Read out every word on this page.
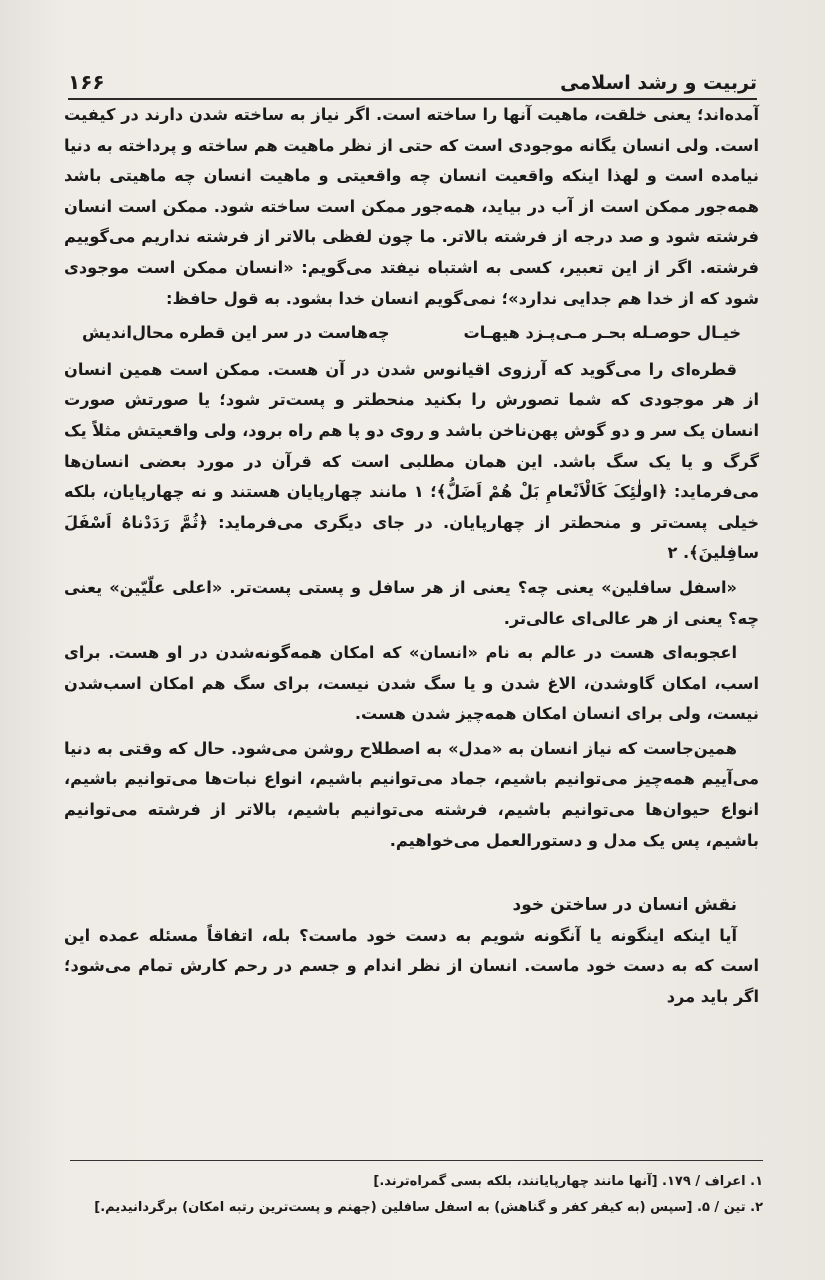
تربیت و رشد اسلامی
۱۶۶

آمده‌اند؛ یعنی خلقت، ماهیت آنها را ساخته است. اگر نیاز به ساخته شدن دارند در کیفیت است. ولی انسان یگانه موجودی است که حتی از نظر ماهیت هم ساخته و پرداخته به دنیا نیامده است و لهذا اینکه واقعیت انسان چه واقعیتی و ماهیت انسان چه ماهیتی باشد همه‌جور ممکن است از آب در بیاید، همه‌جور ممکن است ساخته شود. ممکن است انسان فرشته شود و صد درجه از فرشته بالاتر. ما چون لفظی بالاتر از فرشته نداریم می‌گوییم فرشته. اگر از این تعبیر، کسی به اشتباه نیفتد می‌گویم: «انسان ممکن است موجودی شود که از خدا هم جدایی ندارد»؛ نمی‌گویم انسان خدا بشود. به قول حافظ:

خیـال حوصـله بحـر مـی‌پـزد هیهـات
چه‌هاست در سر این قطره محال‌اندیش

قطره‌ای را می‌گوید که آرزوی اقیانوس شدن در آن هست. ممکن است همین انسان از هر موجودی که شما تصورش را بکنید منحطتر و پست‌تر شود؛ یا صورتش صورت انسان یک سر و دو گوش پهن‌ناخن باشد و روی دو پا هم راه برود، ولی واقعیتش مثلاً یک گرگ و یا یک سگ باشد. این همان مطلبی است که قرآن در مورد بعضی انسان‌ها می‌فرماید: ﴿اولٰئِکَ کَالْاَنْعامِ بَلْ هُمْ اَضَلُّ﴾؛ ۱ مانند چهارپایان هستند و نه چهارپایان، بلکه خیلی پست‌تر و منحطتر از چهارپایان. در جای دیگری می‌فرماید: ﴿ثُمَّ رَدَدْناهُ اَسْفَلَ سافِلینَ﴾. ۲

«اسفل سافلین» یعنی چه؟ یعنی از هر سافل و پستی پست‌تر. «اعلی علّیّین» یعنی چه؟ یعنی از هر عالی‌ای عالی‌تر.

اعجوبه‌ای هست در عالم به نام «انسان» که امکان همه‌گونه‌شدن در او هست. برای اسب، امکان گاوشدن، الاغ شدن و یا سگ شدن نیست، برای سگ هم امکان اسب‌شدن نیست، ولی برای انسان امکان همه‌چیز شدن هست.

همین‌جاست که نیاز انسان به «مدل» به اصطلاح روشن می‌شود. حال که وقتی به دنیا می‌آییم همه‌چیز می‌توانیم باشیم، جماد می‌توانیم باشیم، انواع نبات‌ها می‌توانیم باشیم، انواع حیوان‌ها می‌توانیم باشیم، فرشته می‌توانیم باشیم، بالاتر از فرشته می‌توانیم باشیم، پس یک مدل و دستورالعمل می‌خواهیم.

نقش انسان در ساختن خود

آیا اینکه اینگونه یا آنگونه شویم به دست خود ماست؟ بله، اتفاقاً مسئله عمده این است که به دست خود ماست. انسان از نظر اندام و جسم در رحم کارش تمام می‌شود؛ اگر باید مرد

۱. اعراف / ۱۷۹. [آنها مانند چهارپایانند، بلکه بسی گمراه‌ترند.]
۲. تین / ۵. [سپس (به کیفر کفر و گناهش) به اسفل سافلین (جهنم و پست‌ترین رتبه امکان) برگردانیدیم.]
